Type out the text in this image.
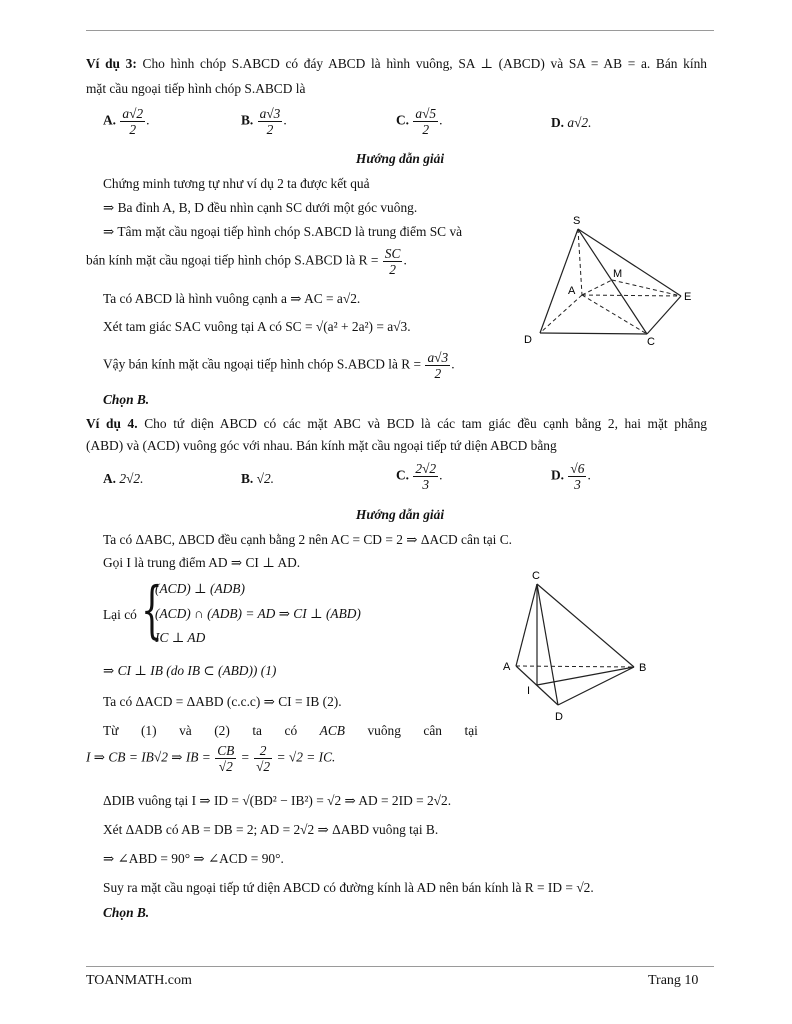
Ví dụ 3: Cho hình chóp S.ABCD có đáy ABCD là hình vuông, SA ⊥ (ABCD) và SA = AB = a. Bán kính
mặt cầu ngoại tiếp hình chóp S.ABCD là
A. $\frac{a√2}{2}$ .	B. $\frac{a√3}{2}$ .	C. $\frac{a√5}{2}$ .	D. a√2.
Hướng dẫn giải
Chứng minh tương tự như ví dụ 2 ta được kết quả
⇒ Ba đỉnh A, B, D đều nhìn cạnh SC dưới một góc vuông.
⇒ Tâm mặt cầu ngoại tiếp hình chóp S.ABCD là trung điểm SC và
bán kính mặt cầu ngoại tiếp hình chóp S.ABCD là $R = \frac{SC}{2}$ .
Ta có ABCD là hình vuông cạnh a ⇒ AC = a√2.
Xét tam giác SAC vuông tại A có SC = √(a² + 2a²) = a√3.
Vậy bán kính mặt cầu ngoại tiếp hình chóp S.ABCD là $R = \frac{a√3}{2}$ .
Chọn B.
S
A
M
E
D	C
Ví dụ 4. Cho tứ diện ABCD có các mặt ABC và BCD là các tam giác đều cạnh bằng 2, hai mặt phẳng
(ABD) và (ACD) vuông góc với nhau. Bán kính mặt cầu ngoại tiếp tứ diện ABCD bằng
A. 2√2.	B. √2.	C. $\frac{2√2}{3}$ .	D. $\frac{√6}{3}$ .
Hướng dẫn giải
Ta có ΔABC, ΔBCD đều cạnh bằng 2 nên AC = CD = 2 ⇒ ΔACD cân tại C.
Gọi I là trung điểm AD ⇒ CI ⊥ AD.
Lại có {
(ACD) ⊥ (ADB)
(ACD) ∩ (ADB) = AD ⇒ CI ⊥ (ABD)
IC ⊥ AD
⇒ CI ⊥ IB (do IB ⊂ (ABD)) (1)
Ta có ΔACD = ΔABD (c.c.c) ⇒ CI = IB (2).
Từ (1) và (2) ta có ACB vuông cân tại
I ⇒ CB = IB√2 ⇒ IB = $\frac{CB}{√2} = \frac{2}{√2} = √2$ = IC.
ΔDIB vuông tại I ⇒ ID = √(BD² − IB²) = √2 ⇒ AD = 2ID = 2√2.
Xét ΔADB có AB = DB = 2; AD = 2√2 ⇒ ΔABD vuông tại B.
⇒ ∠ABD = 90° ⇒ ∠ACD = 90°.
Suy ra mặt cầu ngoại tiếp tứ diện ABCD có đường kính là AD nên bán kính là R = ID = √2.
Chọn B.
C
A
I
B
D
TOANMATH.com	Trang 10
